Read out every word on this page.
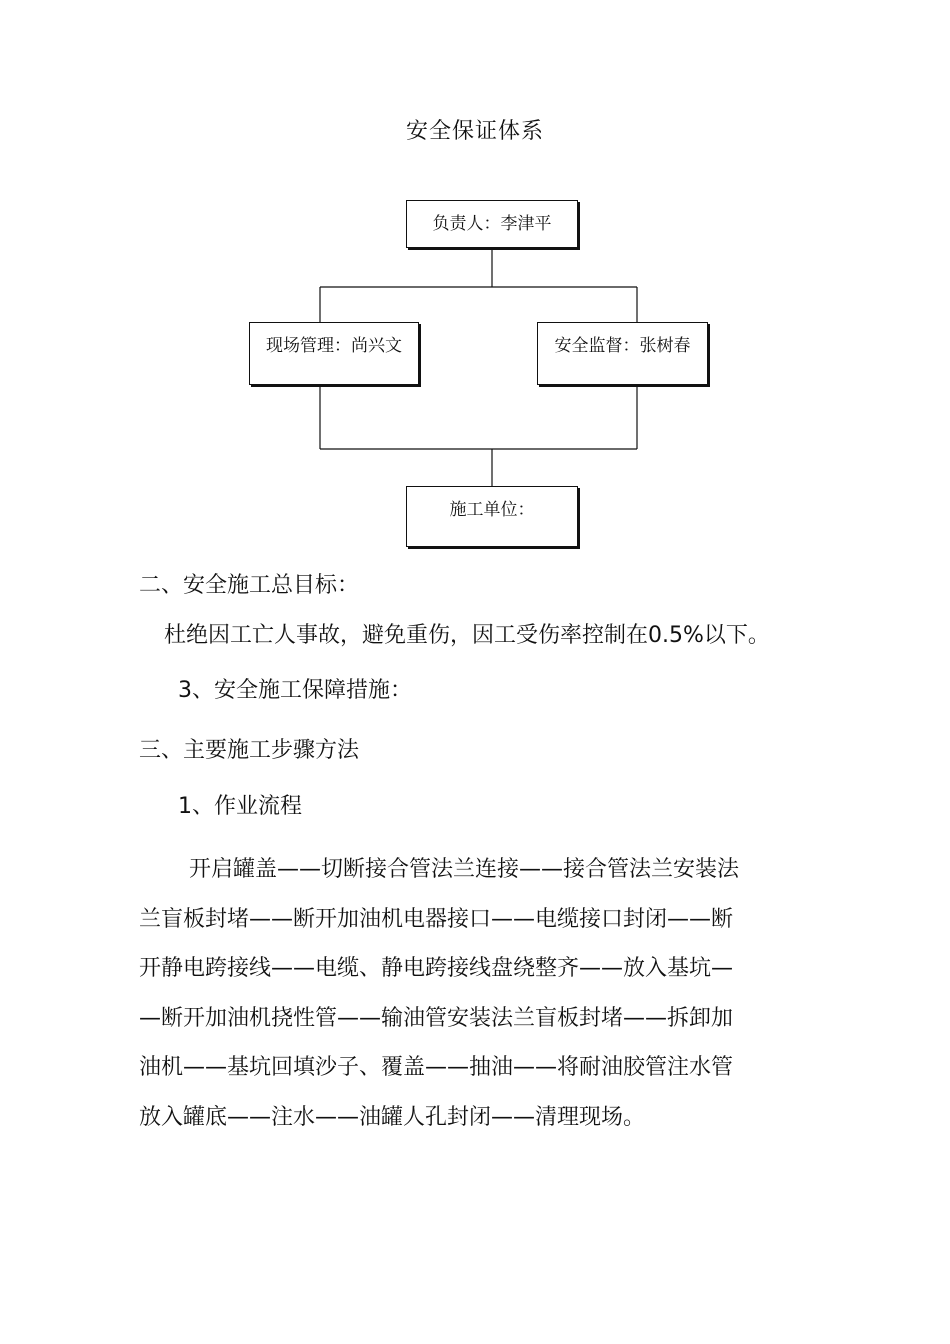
安全保证体系
负责人：李津平
现场管理：尚兴文	安全监督：张树春
施工单位：
二、安全施工总目标：
杜绝因工亡人事故，避免重伤，因工受伤率控制在0.5%以下。
3、安全施工保障措施：
三、主要施工步骤方法
1、作业流程
开启罐盖——切断接合管法兰连接——接合管法兰安装法
兰盲板封堵——断开加油机电器接口——电缆接口封闭——断
开静电跨接线——电缆、静电跨接线盘绕整齐——放入基坑—
—断开加油机挠性管——输油管安装法兰盲板封堵——拆卸加
油机——基坑回填沙子、覆盖——抽油——将耐油胶管注水管
放入罐底——注水——油罐人孔封闭——清理现场。
